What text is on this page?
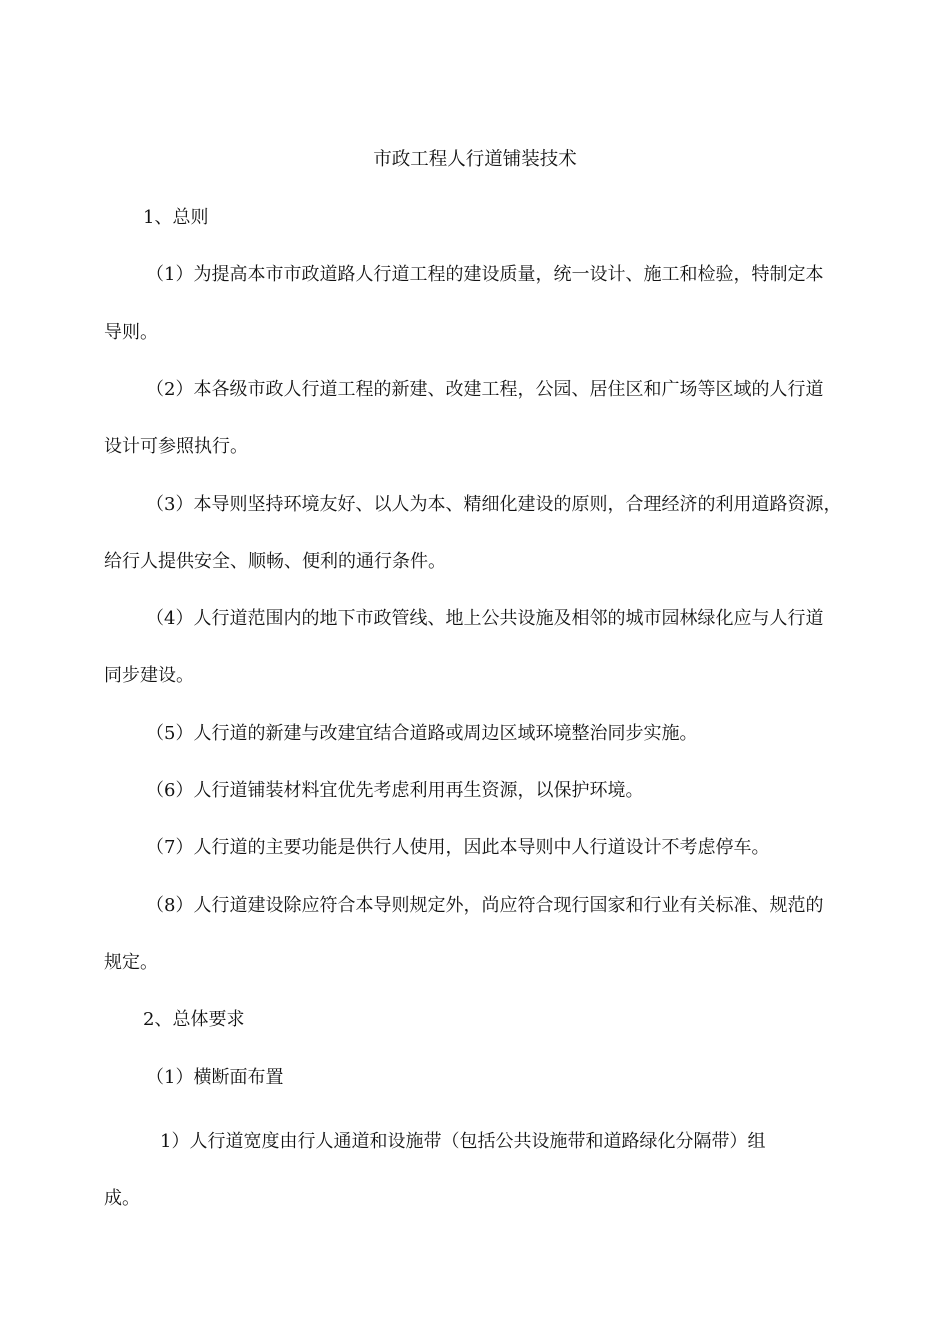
市政工程人行道铺装技术
1、总则
（1）为提高本市市政道路人行道工程的建设质量，统一设计、施工和检验，特制定本
导则。
（2）本各级市政人行道工程的新建、改建工程，公园、居住区和广场等区域的人行道
设计可参照执行。
（3）本导则坚持环境友好、以人为本、精细化建设的原则，合理经济的利用道路资源，
给行人提供安全、顺畅、便利的通行条件。
（4）人行道范围内的地下市政管线、地上公共设施及相邻的城市园林绿化应与人行道
同步建设。
（5）人行道的新建与改建宜结合道路或周边区域环境整治同步实施。
（6）人行道铺装材料宜优先考虑利用再生资源，以保护环境。
（7）人行道的主要功能是供行人使用，因此本导则中人行道设计不考虑停车。
（8）人行道建设除应符合本导则规定外，尚应符合现行国家和行业有关标准、规范的
规定。
2、总体要求
（1）横断面布置
1）人行道宽度由行人通道和设施带（包括公共设施带和道路绿化分隔带）组
成。
